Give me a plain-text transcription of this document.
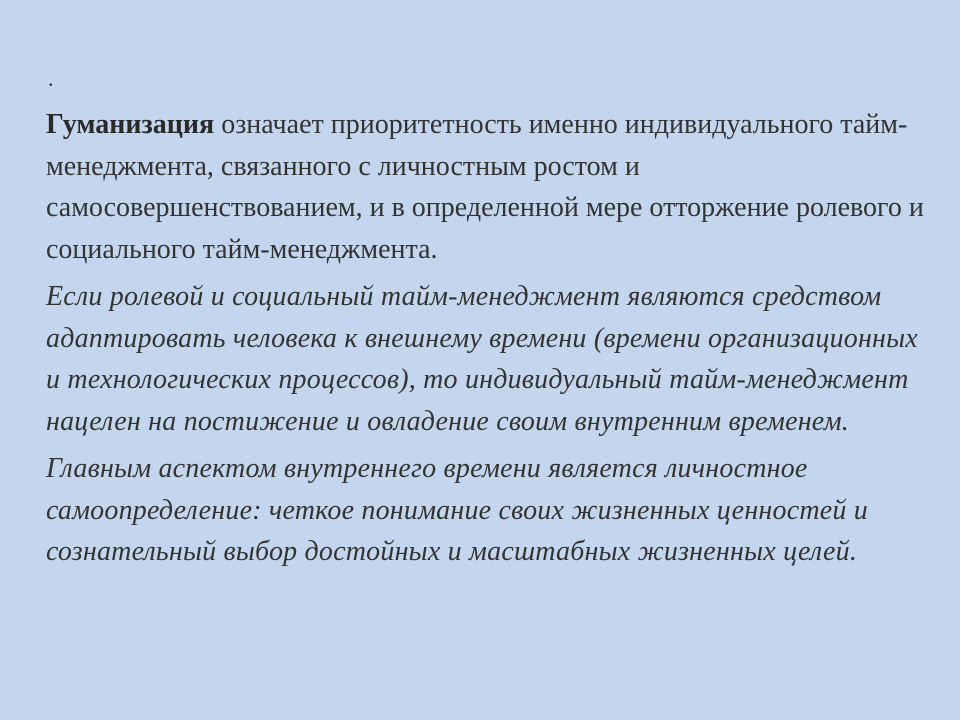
.

Гуманизация означает приоритетность именно индивидуального тайм-менеджмента, связанного с личностным ростом и самосовершенствованием, и в определенной мере отторжение ролевого и социального тайм-менеджмента.

Если ролевой и социальный тайм-менеджмент являются средством адаптировать человека к внешнему времени (времени организационных и технологических процессов), то индивидуальный тайм-менеджмент нацелен на постижение и овладение своим внутренним временем.

Главным аспектом внутреннего времени является личностное самоопределение: четкое понимание своих жизненных ценностей и сознательный выбор достойных и масштабных жизненных целей.
